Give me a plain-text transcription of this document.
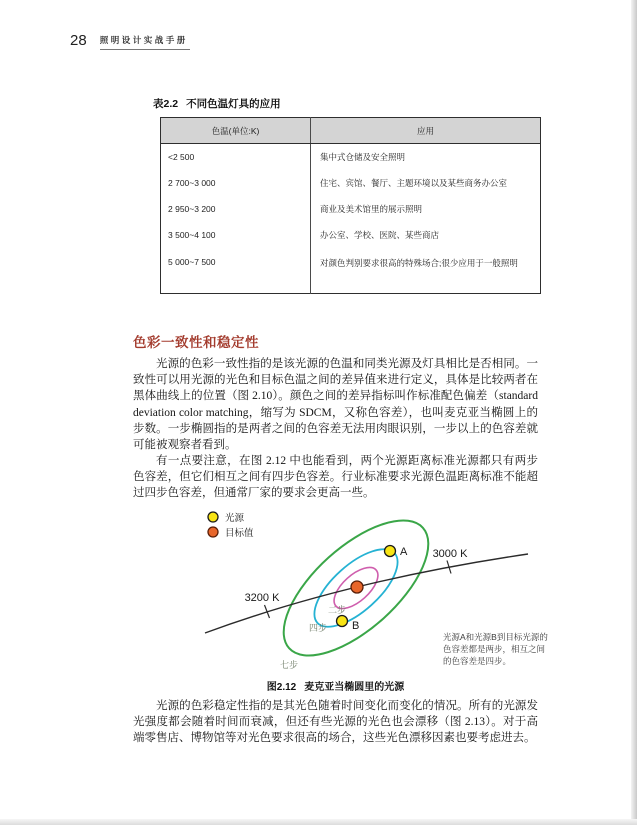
28 照明设计实战手册
表2.2 不同色温灯具的应用
色温(单位:K)	应用
<2 500	集中式仓储及安全照明
2 700~3 000	住宅、宾馆、餐厅、主题环境以及某些商务办公室
2 950~3 200	商业及美术馆里的展示照明
3 500~4 100	办公室、学校、医院、某些商店
5 000~7 500	对颜色判别要求很高的特殊场合;很少应用于一般照明
色彩一致性和稳定性

光源的色彩一致性指的是该光源的色温和同类光源及灯具相比是否相同。一致性可以用光源的光色和目标色温之间的差异值来进行定义，具体是比较两者在黑体曲线上的位置（图 2.10）。颜色之间的差异指标叫作标准配色偏差（standard deviation color matching，缩写为 SDCM，又称色容差），也叫麦克亚当椭圆上的步数。一步椭圆指的是两者之间的色容差无法用肉眼识别，一步以上的色容差就可能被观察者看到。

有一点要注意，在图 2.12 中也能看到，两个光源距离标准光源都只有两步色容差，但它们相互之间有四步色容差。行业标准要求光源色温距离标准不能超过四步色容差，但通常厂家的要求会更高一些。

光源
目标值
3200 K
3000 K
A
B
二步
四步
七步
光源A和光源B到目标光源的
色容差都是两步，相互之间
的色容差是四步。
图2.12 麦克亚当椭圆里的光源

光源的色彩稳定性指的是其光色随着时间变化而变化的情况。所有的光源发光强度都会随着时间而衰减，但还有些光源的光色也会漂移（图 2.13）。对于高端零售店、博物馆等对光色要求很高的场合，这些光色漂移因素也要考虑进去。
